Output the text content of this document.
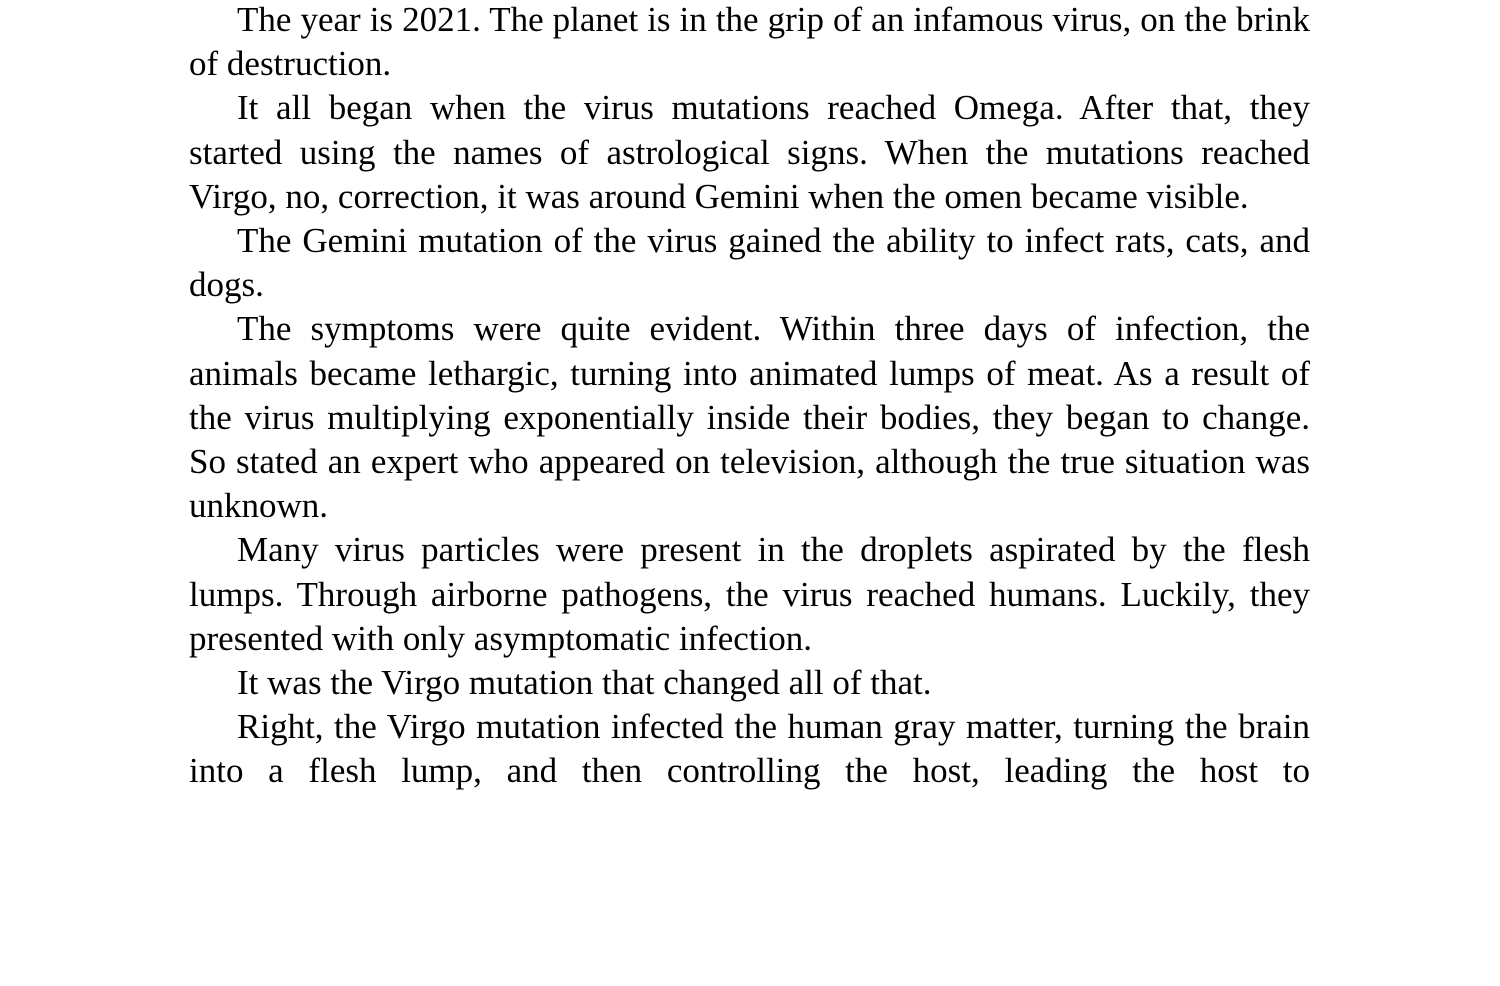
The year is 2021. The planet is in the grip of an infamous virus, on the brink of destruction.

It all began when the virus mutations reached Omega. After that, they started using the names of astrological signs. When the mutations reached Virgo, no, correction, it was around Gemini when the omen became visible.

The Gemini mutation of the virus gained the ability to infect rats, cats, and dogs.

The symptoms were quite evident. Within three days of infection, the animals became lethargic, turning into animated lumps of meat. As a result of the virus multiplying exponentially inside their bodies, they began to change. So stated an expert who appeared on television, although the true situation was unknown.

Many virus particles were present in the droplets aspirated by the flesh lumps. Through airborne pathogens, the virus reached humans. Luckily, they presented with only asymptomatic infection.

It was the Virgo mutation that changed all of that.

Right, the Virgo mutation infected the human gray matter, turning the brain into a flesh lump, and then controlling the host, leading the host to
